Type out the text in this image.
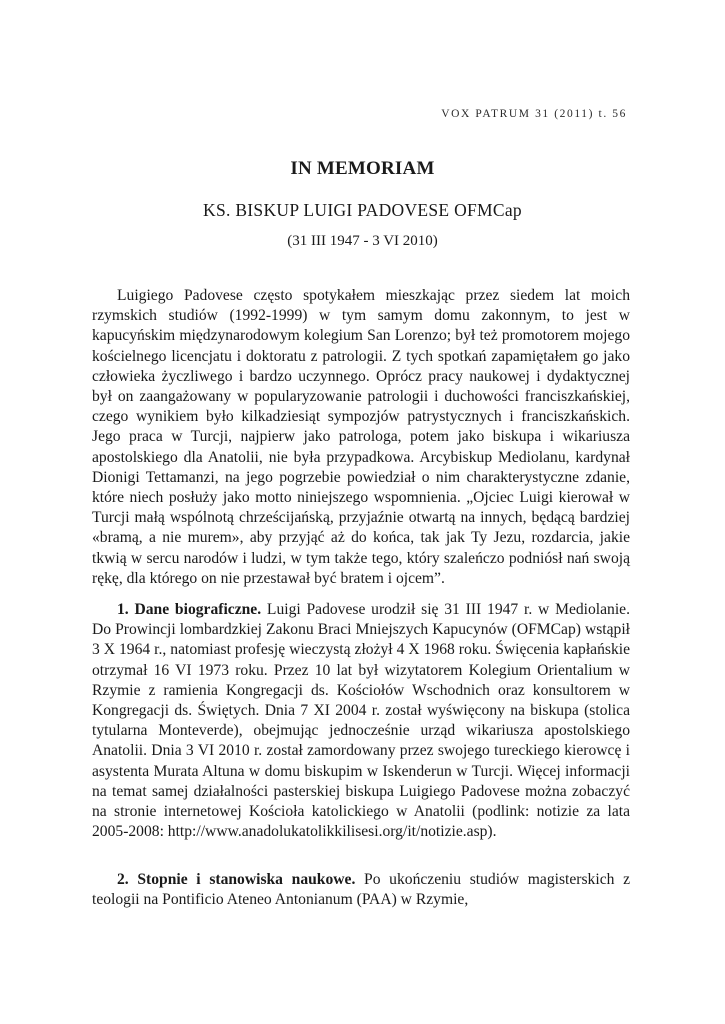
VOX PATRUM 31 (2011) t. 56
IN MEMORIAM
KS. BISKUP LUIGI PADOVESE OFMCap
(31 III 1947 - 3 VI 2010)

Luigiego Padovese często spotykałem mieszkając przez siedem lat moich rzymskich studiów (1992-1999) w tym samym domu zakonnym, to jest w kapucyńskim międzynarodowym kolegium San Lorenzo; był też promotorem mojego kościelnego licencjatu i doktoratu z patrologii. Z tych spotkań zapamiętałem go jako człowieka życzliwego i bardzo uczynnego. Oprócz pracy naukowej i dydaktycznej był on zaangażowany w popularyzowanie patrologii i duchowości franciszkańskiej, czego wynikiem było kilkadziesiąt sympozjów patrystycznych i franciszkańskich. Jego praca w Turcji, najpierw jako patrologa, potem jako biskupa i wikariusza apostolskiego dla Anatolii, nie była przypadkowa. Arcybiskup Mediolanu, kardynał Dionigi Tettamanzi, na jego pogrzebie powiedział o nim charakterystyczne zdanie, które niech posłuży jako motto niniejszego wspomnienia. „Ojciec Luigi kierował w Turcji małą wspólnotą chrześcijańską, przyjaźnie otwartą na innych, będącą bardziej «bramą, a nie murem», aby przyjąć aż do końca, tak jak Ty Jezu, rozdarcia, jakie tkwią w sercu narodów i ludzi, w tym także tego, który szaleńczo podniósł nań swoją rękę, dla którego on nie przestawał być bratem i ojcem”.

1. Dane biograficzne. Luigi Padovese urodził się 31 III 1947 r. w Mediolanie. Do Prowincji lombardzkiej Zakonu Braci Mniejszych Kapucynów (OFMCap) wstąpił 3 X 1964 r., natomiast profesję wieczystą złożył 4 X 1968 roku. Święcenia kapłańskie otrzymał 16 VI 1973 roku. Przez 10 lat był wizytatorem Kolegium Orientalium w Rzymie z ramienia Kongregacji ds. Kościołów Wschodnich oraz konsultorem w Kongregacji ds. Świętych. Dnia 7 XI 2004 r. został wyświęcony na biskupa (stolica tytularna Monteverde), obejmując jednocześnie urząd wikariusza apostolskiego Anatolii. Dnia 3 VI 2010 r. został zamordowany przez swojego tureckiego kierowcę i asystenta Murata Altuna w domu biskupim w Iskenderun w Turcji. Więcej informacji na temat samej działalności pasterskiej biskupa Luigiego Padovese można zobaczyć na stronie internetowej Kościoła katolickiego w Anatolii (podlink: notizie za lata 2005-2008: http://www.anadolukatolikkilisesi.org/it/notizie.asp).

2. Stopnie i stanowiska naukowe. Po ukończeniu studiów magisterskich z teologii na Pontificio Ateneo Antonianum (PAA) w Rzymie,
